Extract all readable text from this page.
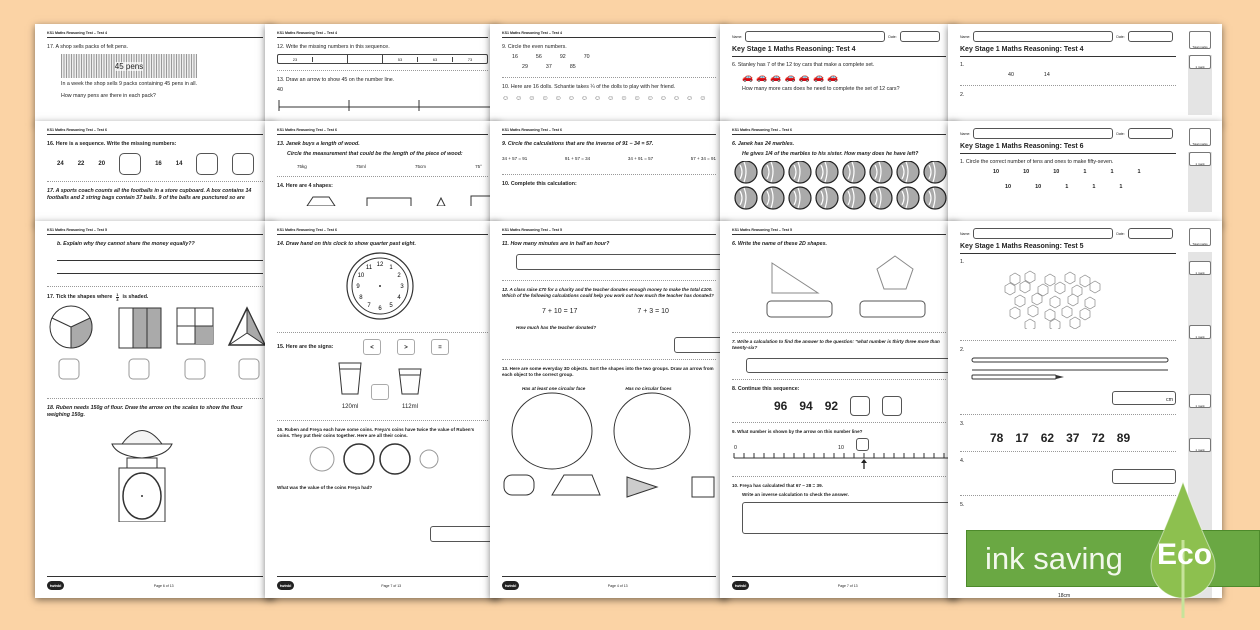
KS1 Maths Reasoning Test – Test 4
17. A shop sells packs of felt pens.
45 pens
In a week the shop sells 9 packs containing 45 pens in all.
How many pens are there in each pack?
KS1 Maths Reasoning Test – Test 4
12. Write the missing numbers in this sequence.
23	53	63	73
13. Draw an arrow to show 45 on the number line.
40
KS1 Maths Reasoning Test – Test 4
9. Circle the even numbers.
16	56	92	70
29	37	85
10. Here are 16 dolls. Schantie takes ¼ of the dolls to play with her friend.
☺☺☺☺☺☺☺☺☺☺☺☺☺☺☺☺
Name:	Date:
Key Stage 1 Maths Reasoning: Test 4
6. Stanley has 7 of the 12 toy cars that make a complete set.
🚗🚗🚗🚗🚗🚗🚗
How many more cars does he need to complete the set of 12 cars?
Name:	Date:
Key Stage 1 Maths Reasoning: Test 4
1.
40	14
2.
Total marks
1 mark
KS1 Maths Reasoning Test – Test 6
16. Here is a sequence. Write the missing numbers:
24 22 20	16 14
17. A sports coach counts all the footballs in a store cupboard. A box contains 14 footballs and 2 string bags contain 37 balls. 9 of the balls are punctured so are
KS1 Maths Reasoning Test – Test 6
13. Janek buys a length of wood.
Circle the measurement that could be the length of the piece of wood:
75kg	75ml	75cm	75°
14. Here are 4 shapes:
KS1 Maths Reasoning Test – Test 6
9. Circle the calculations that are the inverse of 91 − 34 = 57.
34 + 57 = 91	91 + 57 = 34	34 + 91 = 57	57 + 34 = 91
10. Complete this calculation:
KS1 Maths Reasoning Test – Test 6
6. Janek has 24 marbles.
He gives 1/4 of the marbles to his sister. How many does he have left?
Name:	Date:
Key Stage 1 Maths Reasoning: Test 6
1. Circle the correct number of tens and ones to make fifty-seven.
10	10	10	1	1	1
10	10	1	1	1
Total marks
1 mark
KS1 Maths Reasoning Test – Test 5
b. Explain why they cannot share the money equally??
17. Tick the shapes where $\frac{1}{3}$ is shaded.
18. Ruben needs 150g of flour. Draw the arrow on the scales to show the flour weighing 150g.
twinkl	Page 6 of 13
KS1 Maths Reasoning Test – Test 6
14. Draw hand on this clock to show quarter past eight.
1
2
3
4
5
6
7
8
9
10
11 12
15. Here are the signs:	<	>	=
120ml	112ml
16. Ruben and Freya each have some coins. Freya's coins have twice the value of Ruben's coins. They put their coins together. Here are all their coins.
What was the value of the coins Freya had?
twinkl	Page 7 of 13
KS1 Maths Reasoning Test – Test 5
11. How many minutes are in half an hour?
12. A class raise £70 for a charity and the teacher donates enough money to make the total £100. Which of the following calculations could help you work out how much the teacher has donated?
7 + 10 = 17	7 + 3 = 10
How much has the teacher donated?
13. Here are some everyday 3D objects. Sort the shapes into the two groups. Draw an arrow from each object to the correct group.
Has at least one circular face	Has no circular faces
twinkl	Page 4 of 13
KS1 Maths Reasoning Test – Test 5
6. Write the name of these 2D shapes.
7. Write a calculation to find the answer to the question: "what number is thirty three more than twenty-six?
8. Continue this sequence:
96 94 92
9. What number is shown by the arrow on this number line?
0	10
10. Freya has calculated that 67 − 28 = 39.
Write an inverse calculation to check the answer.
twinkl	Page 7 of 13
Name:	Date:
Key Stage 1 Maths Reasoning: Test 5
1.
2.
18cm
cm
3.
78 17 62 37 72 89
4.
5.
Total marks
1 mark
1 mark
1 mark
1 mark
ink saving Eco
